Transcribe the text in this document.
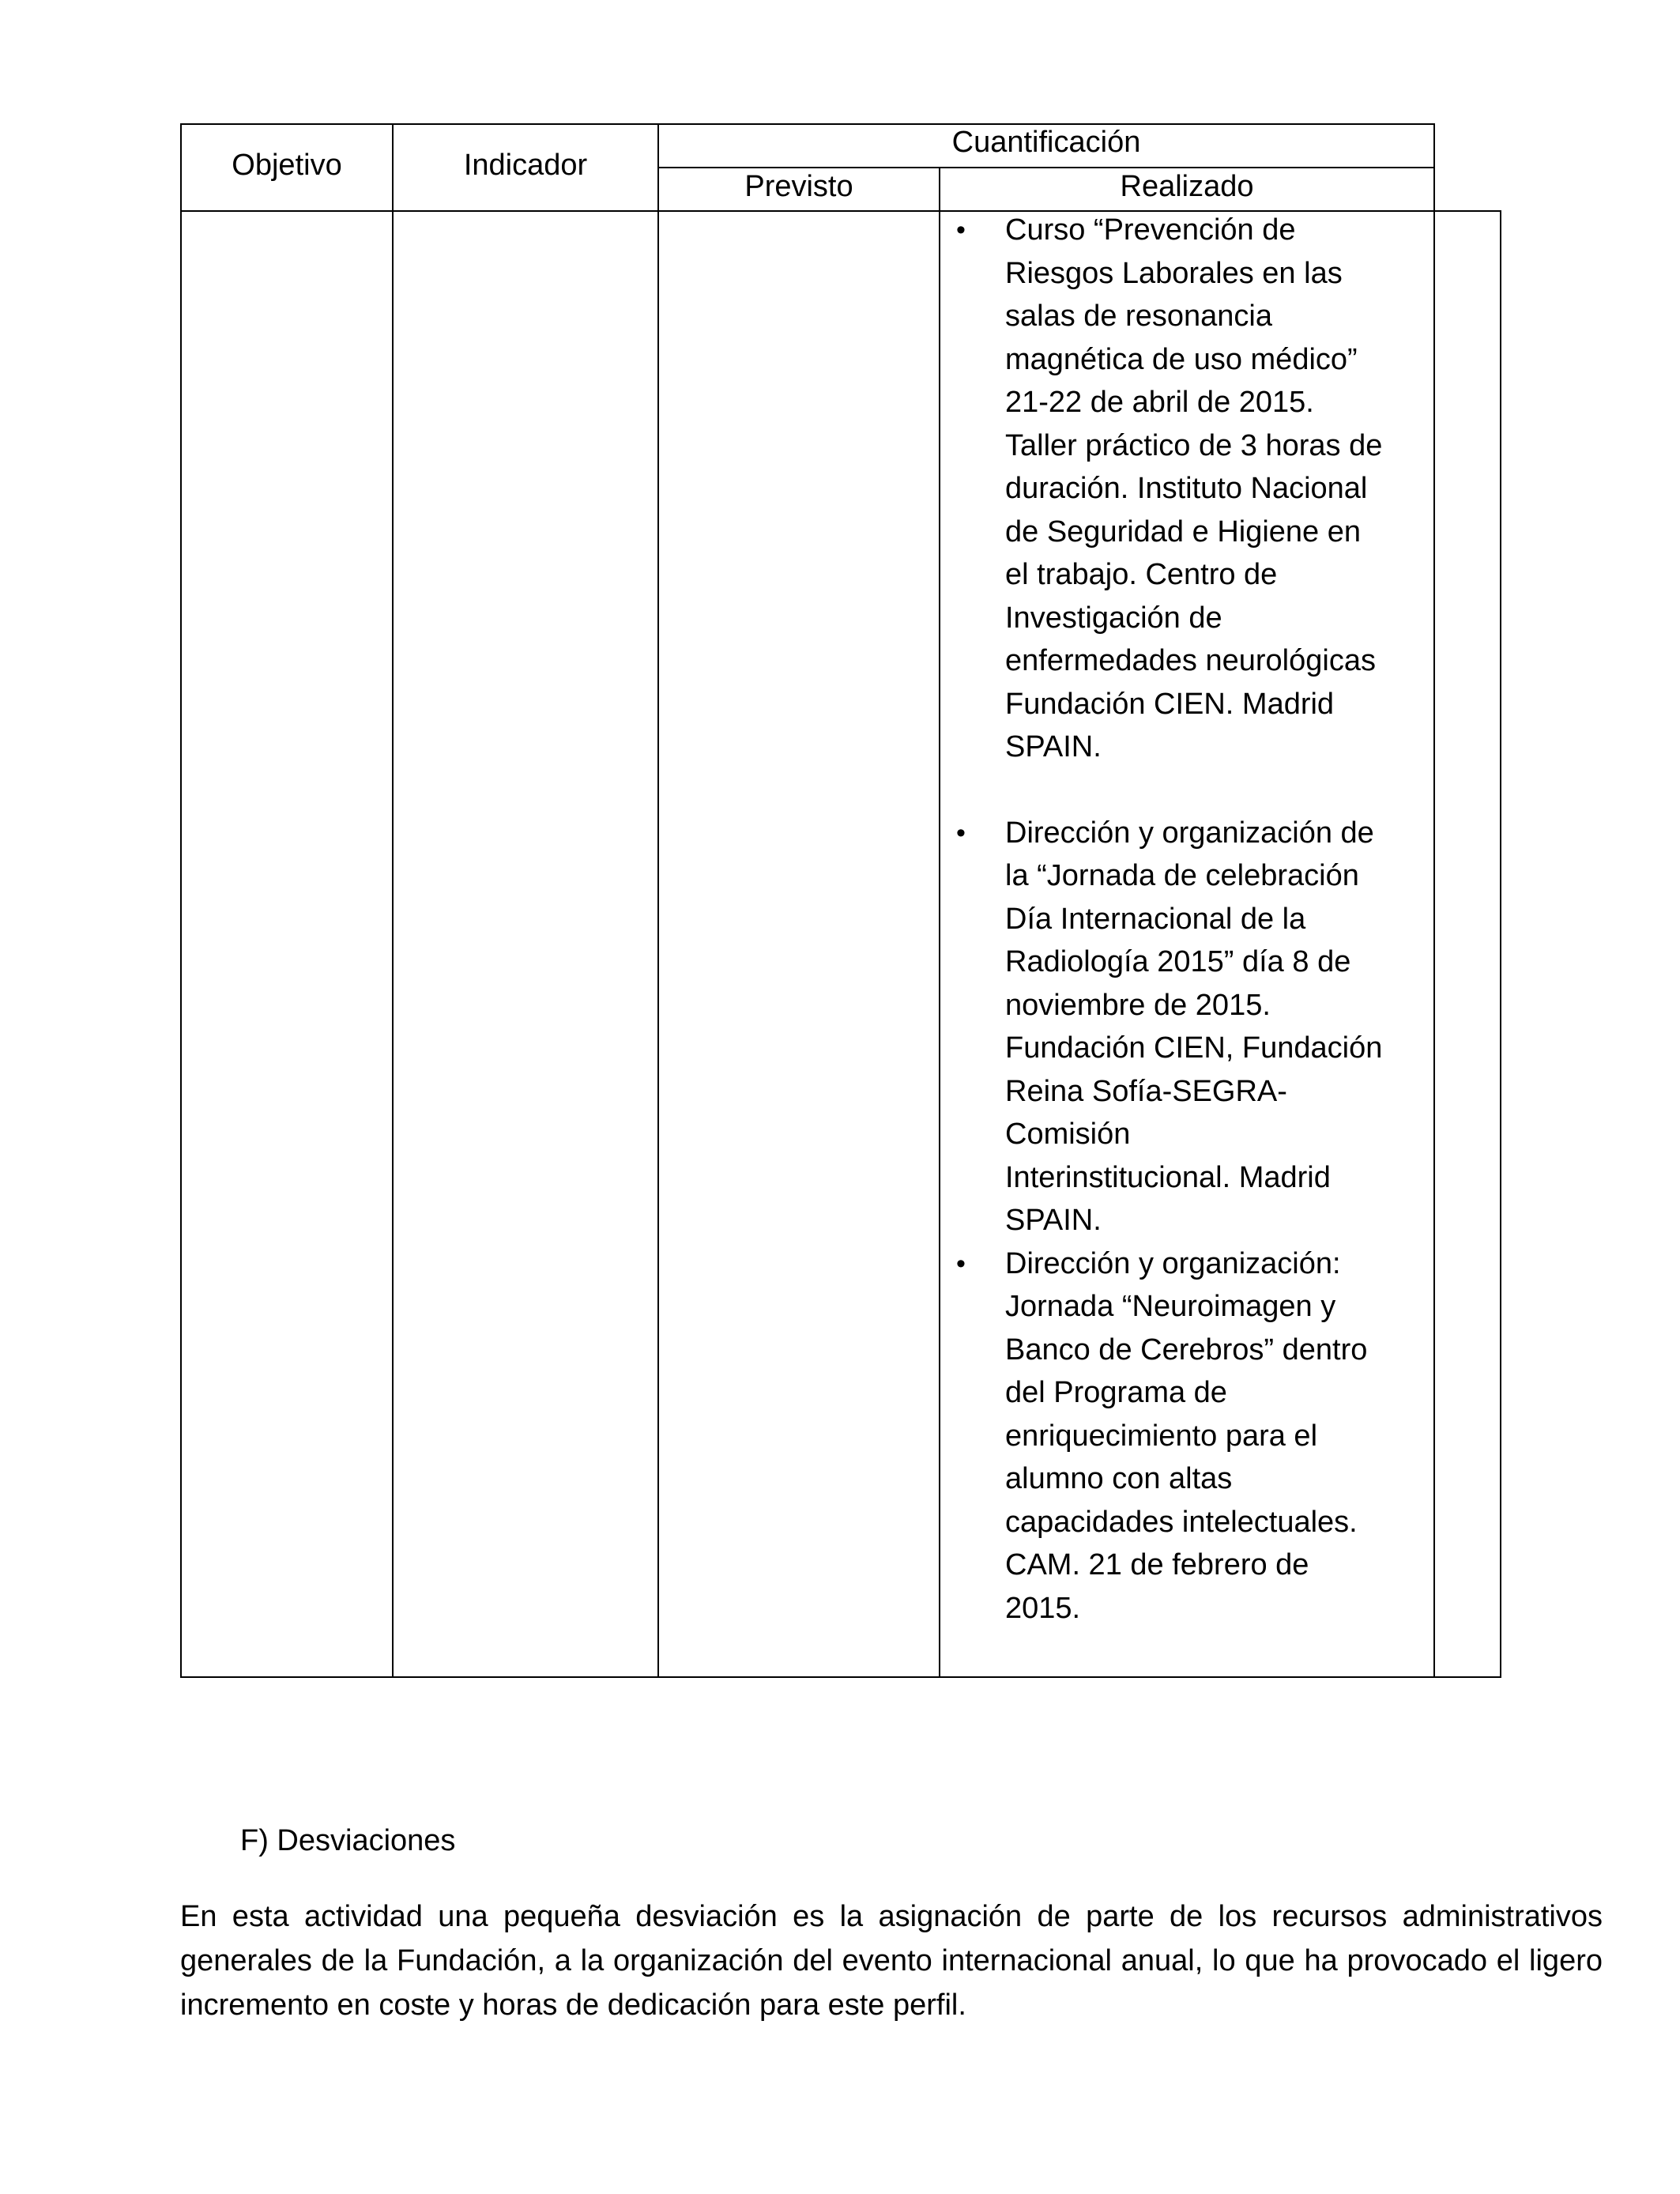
Objetivo	Indicador
Cuantificación
Previsto	Realizado
• Curso “Prevención de
Riesgos Laborales en las
salas de resonancia
magnética de uso médico”
21-22 de abril de 2015.
Taller práctico de 3 horas de
duración. Instituto Nacional
de Seguridad e Higiene en
el trabajo. Centro de
Investigación de
enfermedades neurológicas
Fundación CIEN. Madrid
SPAIN.
• Dirección y organización de
la “Jornada de celebración
Día Internacional de la
Radiología 2015” día 8 de
noviembre de 2015.
Fundación CIEN, Fundación
Reina Sofía-SEGRA-
Comisión
Interinstitucional. Madrid
SPAIN.
• Dirección y organización:
Jornada “Neuroimagen y
Banco de Cerebros” dentro
del Programa de
enriquecimiento para el
alumno con altas
capacidades intelectuales.
CAM. 21 de febrero de
2015.
F) Desviaciones
En esta actividad una pequeña desviación es la asignación de parte de los recursos administrativos generales de la Fundación, a la organización del evento internacional anual, lo que ha provocado el ligero incremento en coste y horas de dedicación para este perfil.
